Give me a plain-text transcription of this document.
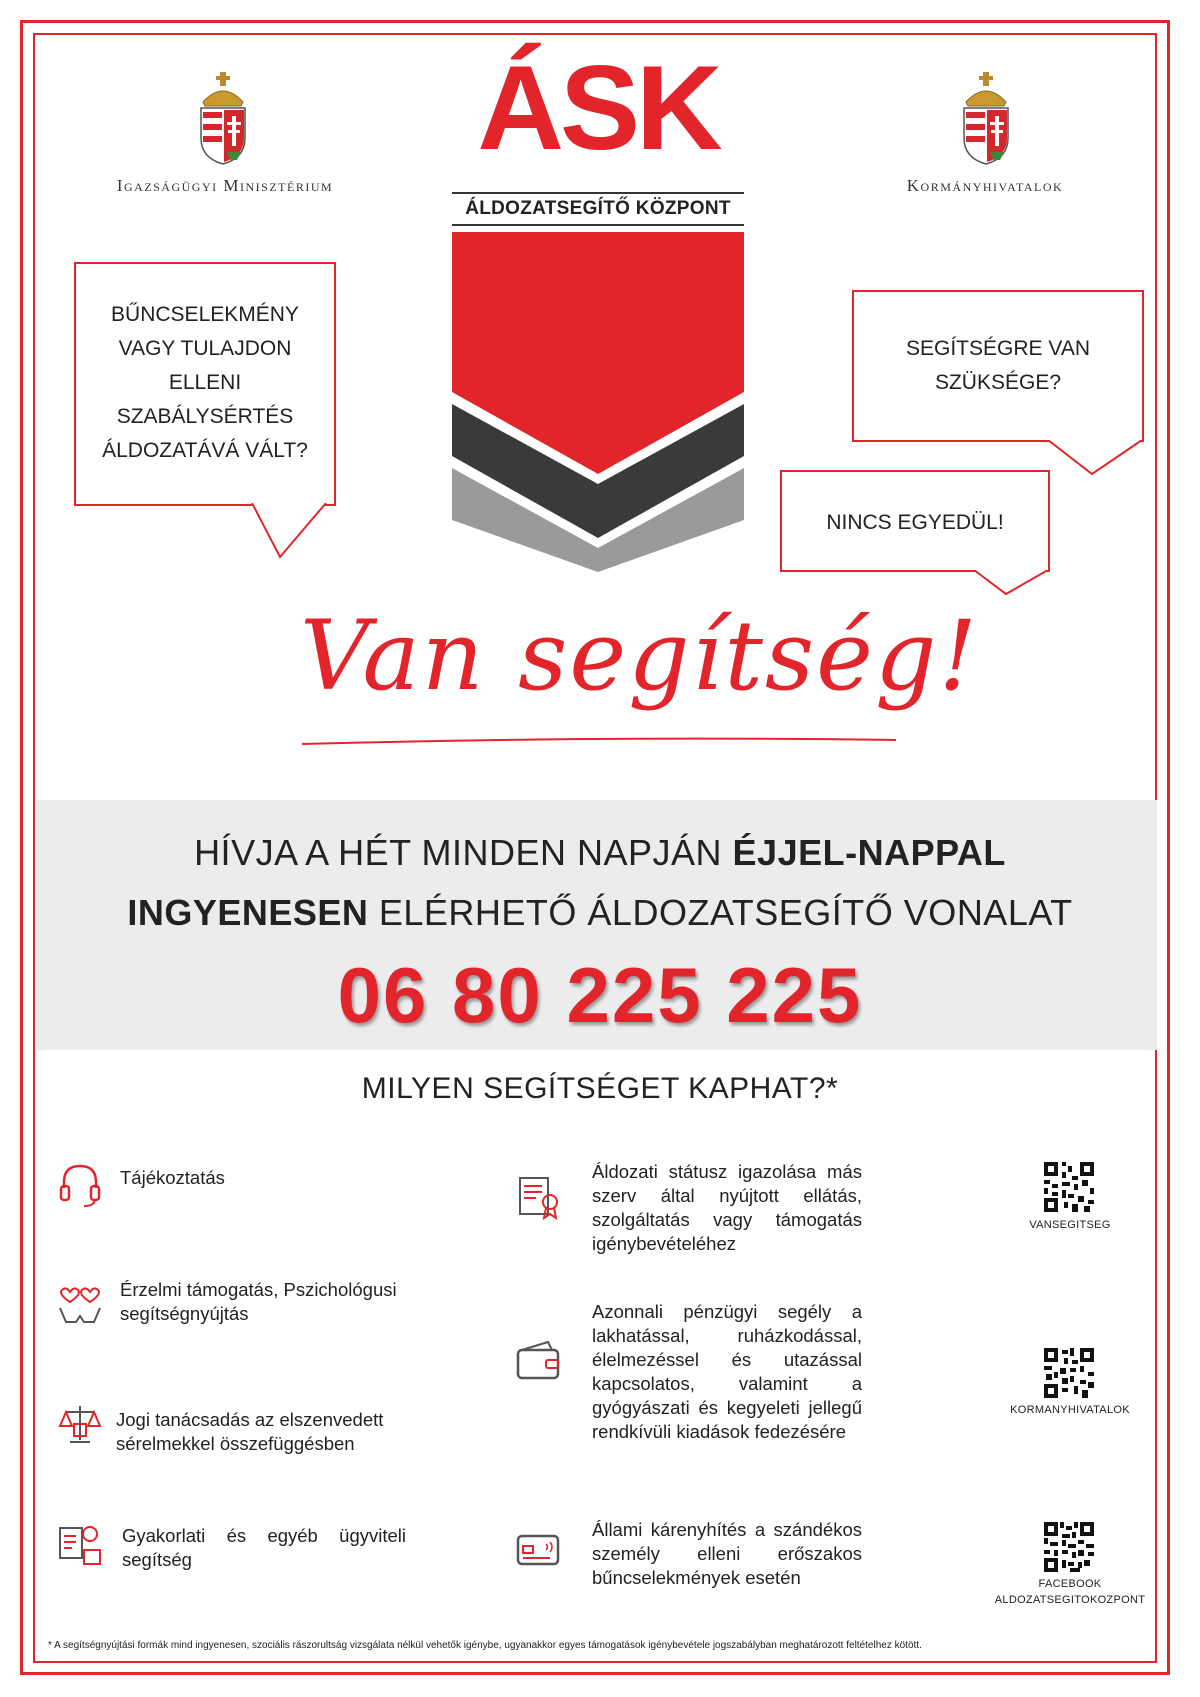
Igazságügyi Minisztérium	Kormányhivatalok
ÁSK
ÁLDOZATSEGÍTŐ KÖZPONT
BŰNCSELEKMÉNY
VAGY TULAJDON
ELLENI
SZABÁLYSÉRTÉS
ÁLDOZATÁVÁ VÁLT?
SEGÍTSÉGRE VAN
SZÜKSÉGE?
NINCS EGYEDÜL!
Van segítség!
HÍVJA A HÉT MINDEN NAPJÁN ÉJJEL-NAPPAL
INGYENESEN ELÉRHETŐ ÁLDOZATSEGÍTŐ VONALAT
06 80 225 225
MILYEN SEGÍTSÉGET KAPHAT?*
Tájékoztatás
Érzelmi támogatás, Pszichológusi segítségnyújtás
Jogi tanácsadás az elszenvedett sérelmekkel összefüggésben
Gyakorlati és egyéb ügyviteli segítség
Áldozati státusz igazolása más szerv által nyújtott ellátás, szolgáltatás vagy támogatás igénybevételéhez
Azonnali pénzügyi segély a lakhatással, ruházkodással, élelmezéssel és utazással kapcsolatos, valamint a gyógyászati és kegyeleti jellegű rendkívüli kiadások fedezésére
Állami kárenyhítés a szándékos személy elleni erőszakos bűncselekmények esetén
VANSEGITSEG
KORMANYHIVATALOK
FACEBOOK
ALDOZATSEGITOKOZPONT
* A segítségnyújtási formák mind ingyenesen, szociális rászorultság vizsgálata nélkül vehetők igénybe, ugyanakkor egyes támogatások igénybevétele jogszabályban meghatározott feltételhez kötött.
